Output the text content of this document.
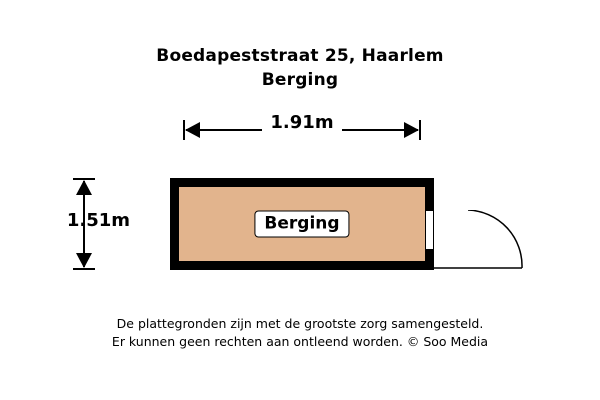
Boedapeststraat 25, Haarlem
Berging
1.91m
1.51m	Berging
De plattegronden zijn met de grootste zorg samengesteld.
Er kunnen geen rechten aan ontleend worden. © Soo Media
